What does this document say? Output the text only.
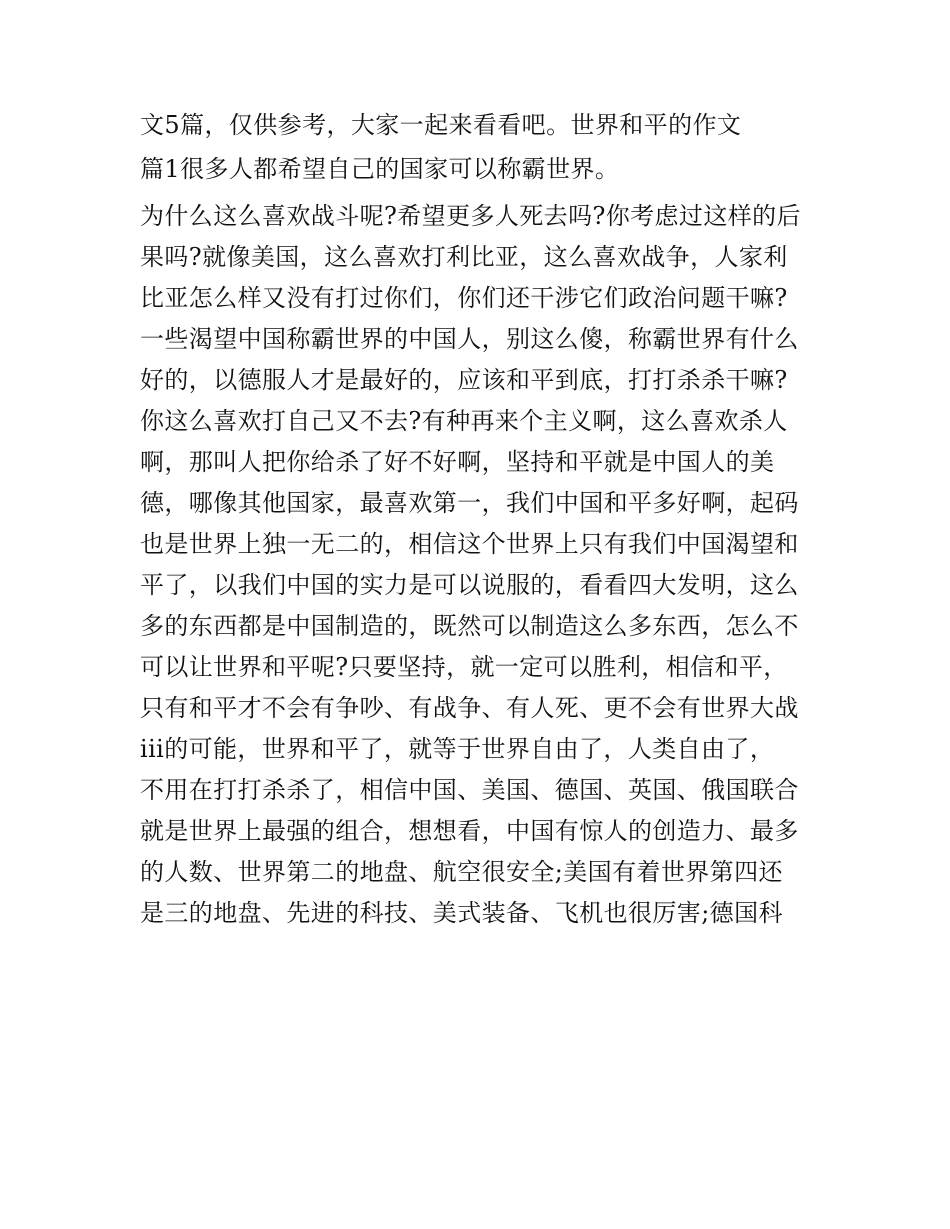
文5篇，仅供参考，大家一起来看看吧。世界和平的作文
篇1很多人都希望自己的国家可以称霸世界。
为什么这么喜欢战斗呢?希望更多人死去吗?你考虑过这样的后
果吗?就像美国，这么喜欢打利比亚，这么喜欢战争，人家利
比亚怎么样又没有打过你们，你们还干涉它们政治问题干嘛?
一些渴望中国称霸世界的中国人，别这么傻，称霸世界有什么
好的，以德服人才是最好的，应该和平到底，打打杀杀干嘛?
你这么喜欢打自己又不去?有种再来个主义啊，这么喜欢杀人
啊，那叫人把你给杀了好不好啊，坚持和平就是中国人的美
德，哪像其他国家，最喜欢第一，我们中国和平多好啊，起码
也是世界上独一无二的，相信这个世界上只有我们中国渴望和
平了，以我们中国的实力是可以说服的，看看四大发明，这么
多的东西都是中国制造的，既然可以制造这么多东西，怎么不
可以让世界和平呢?只要坚持，就一定可以胜利，相信和平，
只有和平才不会有争吵、有战争、有人死、更不会有世界大战
iii的可能，世界和平了，就等于世界自由了，人类自由了，
不用在打打杀杀了，相信中国、美国、德国、英国、俄国联合
就是世界上最强的组合，想想看，中国有惊人的创造力、最多
的人数、世界第二的地盘、航空很安全;美国有着世界第四还
是三的地盘、先进的科技、美式装备、飞机也很厉害;德国科
